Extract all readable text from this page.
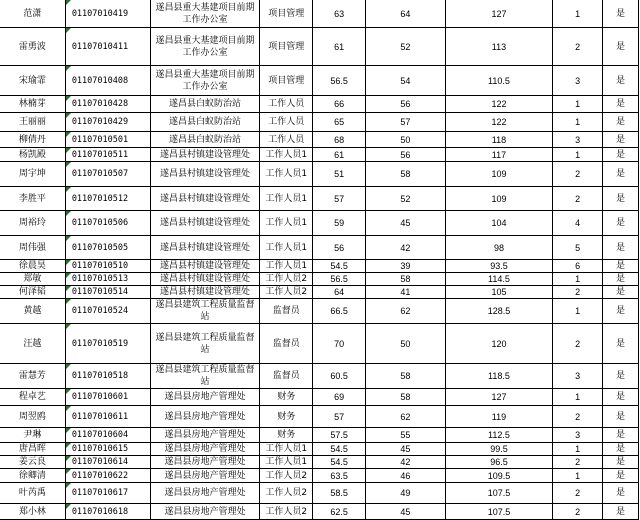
范潇	01107010419	遂昌县重大基建项目前期工作办公室	项目管理	63	64	127	1	是
雷勇波	01107010411	遂昌县重大基建项目前期工作办公室	项目管理	61	52	113	2	是
宋瑜霏	01107010408	遂昌县重大基建项目前期工作办公室	项目管理	56.5	54	110.5	3	是
林楠芽	01107010428	遂昌县白蚁防治站	工作人员	66	56	122	1	是
王丽丽	01107010429	遂昌县白蚁防治站	工作人员	65	57	122	1	是
柳倩丹	01107010501	遂昌县白蚁防治站	工作人员	68	50	118	3	是
杨凯殿	01107010511	遂昌县村镇建设管理处	工作人员1	61	56	117	1	是
周宇坤	01107010507	遂昌县村镇建设管理处	工作人员1	51	58	109	2	是
李胜平	01107010512	遂昌县村镇建设管理处	工作人员1	57	52	109	2	是
周裕玲	01107010506	遂昌县村镇建设管理处	工作人员1	59	45	104	4	是
周伟强	01107010505	遂昌县村镇建设管理处	工作人员1	56	42	98	5	是
徐晨昊	01107010510	遂昌县村镇建设管理处	工作人员1	54.5	39	93.5	6	是
郑敏	01107010513	遂昌县村镇建设管理处	工作人员2	56.5	58	114.5	1	是
何泽韬	01107010514	遂昌县村镇建设管理处	工作人员2	64	41	105	2	是
黄越	01107010524	遂昌县建筑工程质量监督站	监督员	66.5	62	128.5	1	是
汪越	01107010519	遂昌县建筑工程质量监督站	监督员	70	50	120	2	是
雷慧芳	01107010518	遂昌县建筑工程质量监督站	监督员	60.5	58	118.5	3	是
程卓艺	01107010601	遂昌县房地产管理处	财务	69	58	127	1	是
周翌鸥	01107010611	遂昌县房地产管理处	财务	57	62	119	2	是
尹琳	01107010604	遂昌县房地产管理处	财务	57.5	55	112.5	3	是
唐昌晖	01107010615	遂昌县房地产管理处	工作人员1	54.5	45	99.5	1	是
姜云良	01107010614	遂昌县房地产管理处	工作人员1	54.5	42	96.5	2	是
徐卿清	01107010622	遂昌县房地产管理处	工作人员2	63.5	46	109.5	1	是
叶芮禹	01107010617	遂昌县房地产管理处	工作人员2	58.5	49	107.5	2	是
郑小林	01107010618	遂昌县房地产管理处	工作人员2	62.5	45	107.5	2	是
